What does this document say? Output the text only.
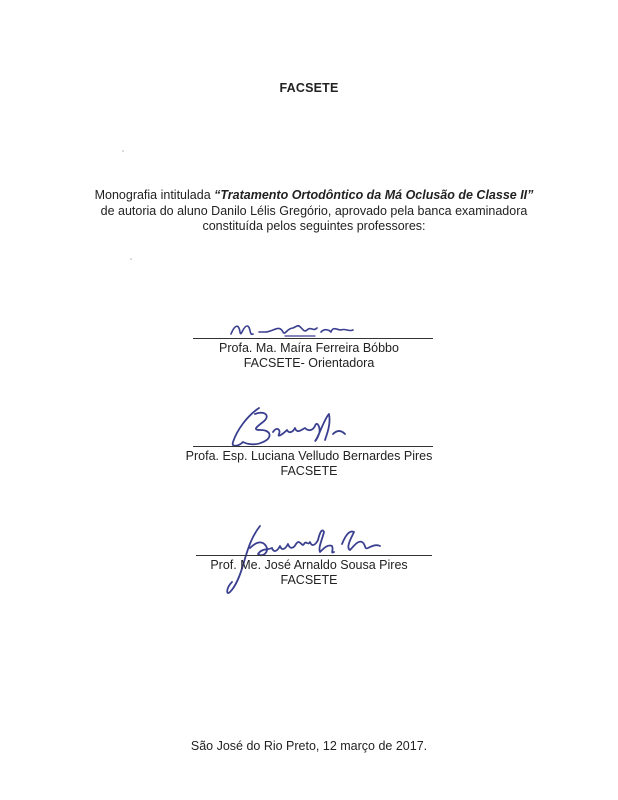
FACSETE
Monografia intitulada “Tratamento Ortodôntico da Má Oclusão de Classe II” de autoria do aluno Danilo Lélis Gregório, aprovado pela banca examinadora constituída pelos seguintes professores:
Profa. Ma. Maíra Ferreira Bóbbo
FACSETE- Orientadora
Profa. Esp. Luciana Velludo Bernardes Pires
FACSETE
Prof. Me. José Arnaldo Sousa Pires
FACSETE
São José do Rio Preto, 12 março de 2017.
